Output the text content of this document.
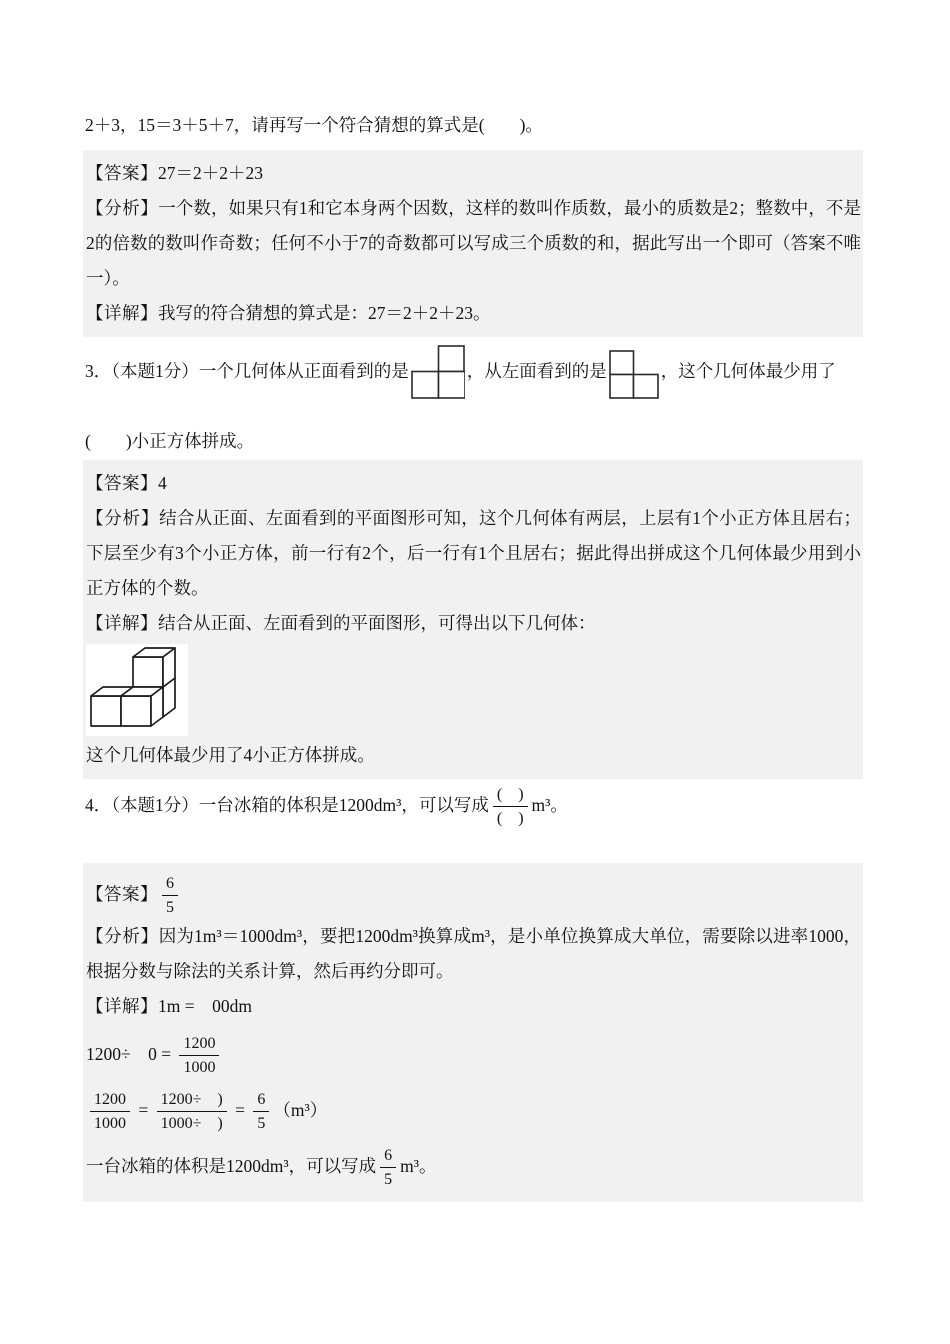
2＋3，15＝3＋5＋7，请再写一个符合猜想的算式是(　　)。

【答案】27＝2＋2＋23

【分析】一个数，如果只有1和它本身两个因数，这样的数叫作质数，最小的质数是2；整数中，不是2的倍数的数叫作奇数；任何不小于7的奇数都可以写成三个质数的和，据此写出一个即可（答案不唯一）。

【详解】我写的符合猜想的算式是：27＝2＋2＋23。

3．（本题1分）一个几何体从正面看到的是	，从左面看到的是	，这个几何体最少用了

(　　)小正方体拼成。

【答案】4

【分析】结合从正面、左面看到的平面图形可知，这个几何体有两层，上层有1个小正方体且居右；下层至少有3个小正方体，前一行有2个，后一行有1个且居右；据此得出拼成这个几何体最少用到小正方体的个数。

【详解】结合从正面、左面看到的平面图形，可得出以下几何体：

这个几何体最少用了4小正方体拼成。

4．（本题1分）一台冰箱的体积是1200dm³，可以写成 $\frac{( )}{( )} m^3$。

【答案】 $\frac{6}{5}$

【分析】因为1m³＝1000dm³，要把1200dm³换算成m³，是小单位换算成大单位，需要除以进率1000，根据分数与除法的关系计算，然后再约分即可。

【详解】1m =　00dm

1200÷　$0 = \frac{1200}{1000}$

$\frac{1200}{1000} = \frac{1200\div )}{1000\div )} = \frac{6}{5} (m^3)$

一台冰箱的体积是1200dm³，可以写成 $\frac{6}{5} m^3$。
